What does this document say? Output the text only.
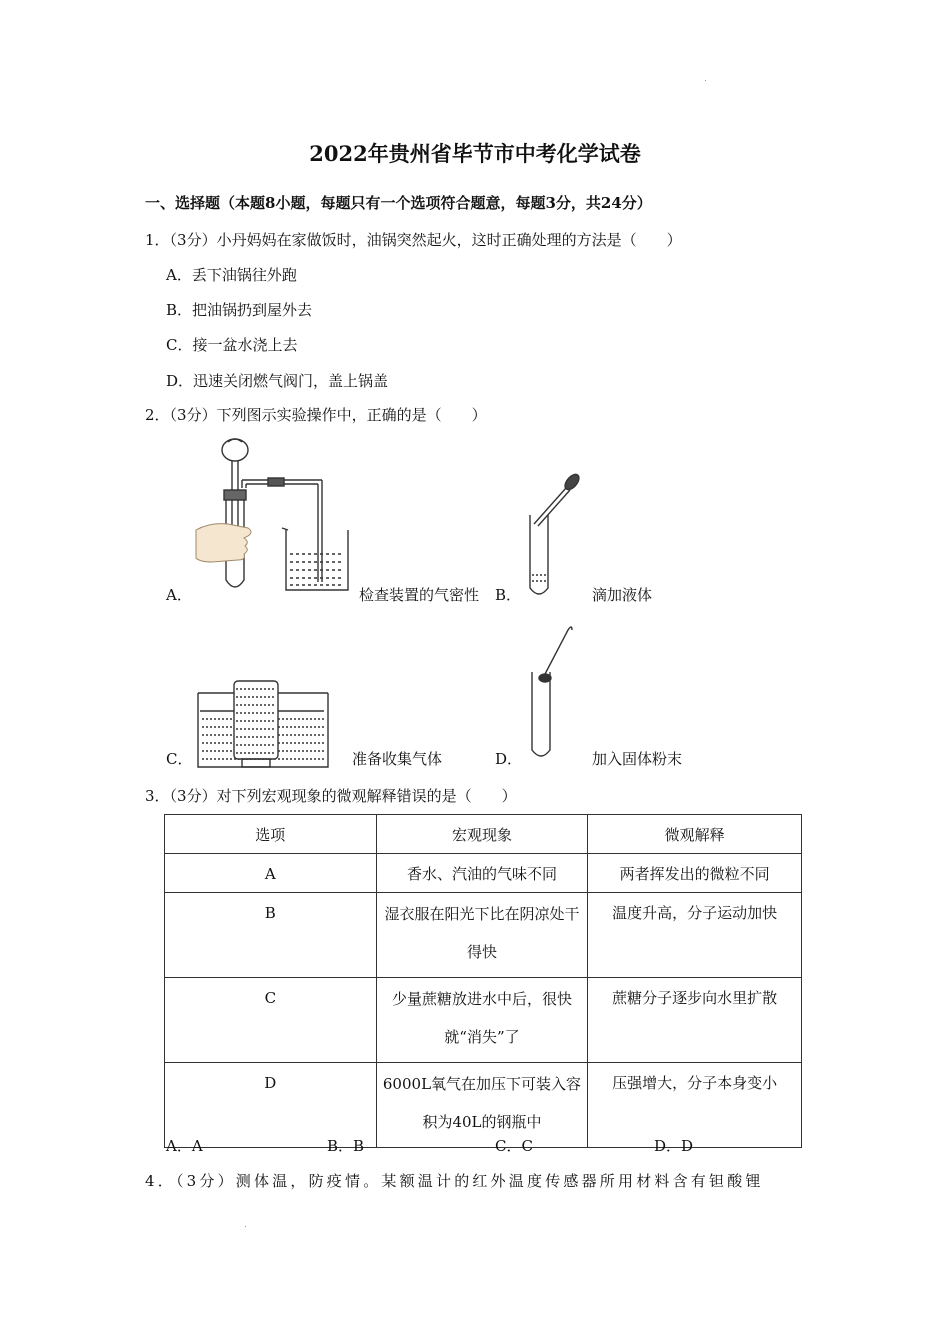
2022年贵州省毕节市中考化学试卷
一、选择题（本题8小题，每题只有一个选项符合题意，每题3分，共24分）
1．（3分）小丹妈妈在家做饭时，油锅突然起火，这时正确处理的方法是（　　）
A．丢下油锅往外跑
B．把油锅扔到屋外去
C．接一盆水浇上去
D．迅速关闭燃气阀门，盖上锅盖
2．（3分）下列图示实验操作中，正确的是（　　）
A．	检查装置的气密性 B．	滴加液体
C．	准备收集气体	D．	加入固体粉末
3．（3分）对下列宏观现象的微观解释错误的是（　　）
选项	宏观现象	微观解释
A	香水、汽油的气味不同	两者挥发出的微粒不同
B	湿衣服在阳光下比在阴凉处干得快	温度升高，分子运动加快
C	少量蔗糖放进水中后，很快就“消失”了	蔗糖分子逐步向水里扩散
D	6000L氧气在加压下可装入容积为40L的钢瓶中	压强增大，分子本身变小
A．A	B．B	C．C	D．D
4．（3分）测体温，防疫情。某额温计的红外温度传感器所用材料含有钽酸锂
